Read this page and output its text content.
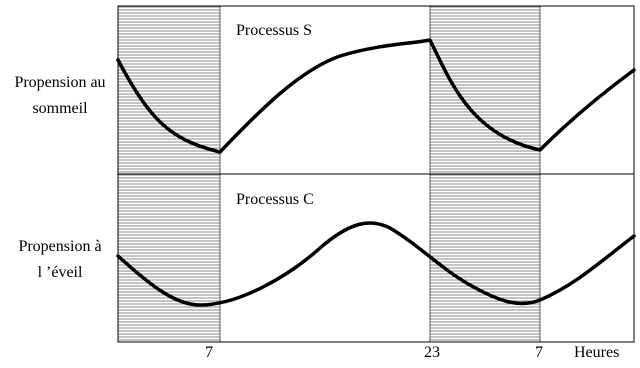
Processus S
Processus C
Propension au
sommeil
Propension à
l ’éveil
7	23	7 Heures
